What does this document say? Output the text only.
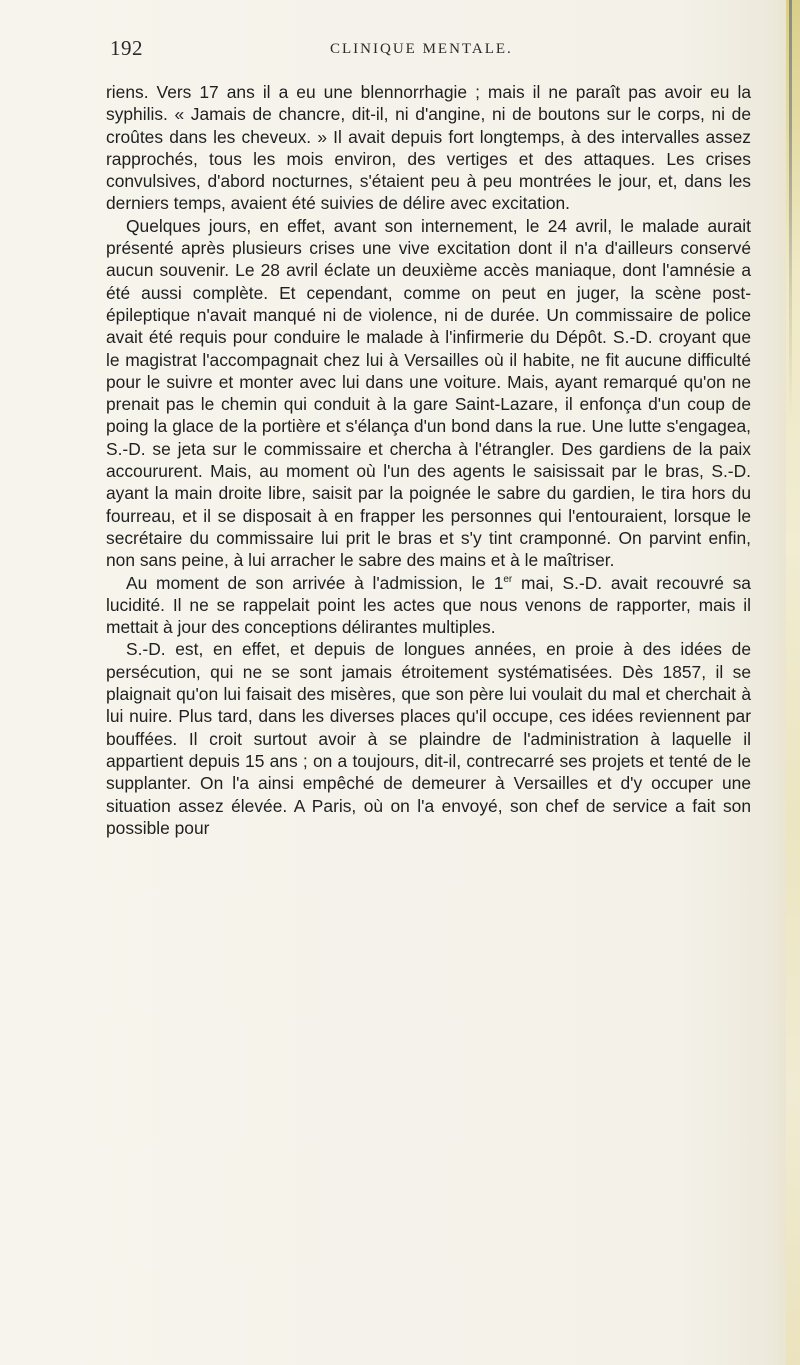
192	CLINIQUE MENTALE.

riens. Vers 17 ans il a eu une blennorrhagie ; mais il ne paraît pas avoir eu la syphilis. « Jamais de chancre, dit-il, ni d'angine, ni de boutons sur le corps, ni de croûtes dans les cheveux. » Il avait depuis fort longtemps, à des intervalles assez rapprochés, tous les mois environ, des vertiges et des attaques. Les crises convulsives, d'abord nocturnes, s'étaient peu à peu montrées le jour, et, dans les derniers temps, avaient été suivies de délire avec excitation.

Quelques jours, en effet, avant son internement, le 24 avril, le malade aurait présenté après plusieurs crises une vive excitation dont il n'a d'ailleurs conservé aucun souvenir. Le 28 avril éclate un deuxième accès maniaque, dont l'amnésie a été aussi complète. Et cependant, comme on peut en juger, la scène post-épileptique n'avait manqué ni de violence, ni de durée. Un commissaire de police avait été requis pour conduire le malade à l'infirmerie du Dépôt. S.-D. croyant que le magistrat l'accompagnait chez lui à Versailles où il habite, ne fit aucune difficulté pour le suivre et monter avec lui dans une voiture. Mais, ayant remarqué qu'on ne prenait pas le chemin qui conduit à la gare Saint-Lazare, il enfonça d'un coup de poing la glace de la portière et s'élança d'un bond dans la rue. Une lutte s'engagea, S.-D. se jeta sur le commissaire et chercha à l'étrangler. Des gardiens de la paix accoururent. Mais, au moment où l'un des agents le saisissait par le bras, S.-D. ayant la main droite libre, saisit par la poignée le sabre du gardien, le tira hors du fourreau, et il se disposait à en frapper les personnes qui l'entouraient, lorsque le secrétaire du commissaire lui prit le bras et s'y tint cramponné. On parvint enfin, non sans peine, à lui arracher le sabre des mains et à le maîtriser.

Au moment de son arrivée à l'admission, le 1er mai, S.-D. avait recouvré sa lucidité. Il ne se rappelait point les actes que nous venons de rapporter, mais il mettait à jour des conceptions délirantes multiples.

S.-D. est, en effet, et depuis de longues années, en proie à des idées de persécution, qui ne se sont jamais étroitement systématisées. Dès 1857, il se plaignait qu'on lui faisait des misères, que son père lui voulait du mal et cherchait à lui nuire. Plus tard, dans les diverses places qu'il occupe, ces idées reviennent par bouffées. Il croit surtout avoir à se plaindre de l'administration à laquelle il appartient depuis 15 ans ; on a toujours, dit-il, contrecarré ses projets et tenté de le supplanter. On l'a ainsi empêché de demeurer à Versailles et d'y occuper une situation assez élevée. A Paris, où on l'a envoyé, son chef de service a fait son possible pour
